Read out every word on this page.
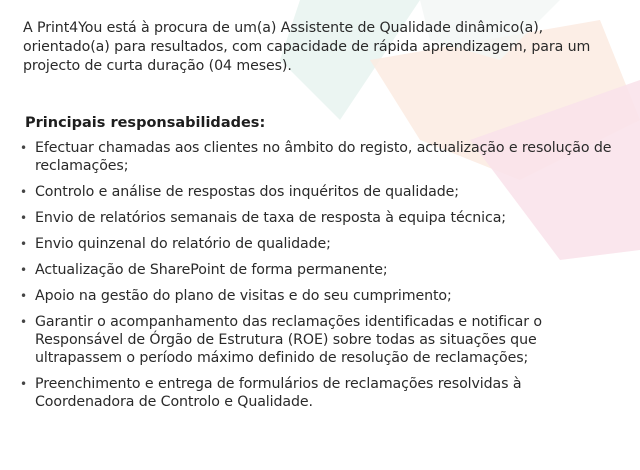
A Print4You está à procura de um(a) Assistente de Qualidade dinâmico(a), orientado(a) para resultados, com capacidade de rápida aprendizagem, para um projecto de curta duração (04 meses).

Principais responsabilidades:
• Efectuar chamadas aos clientes no âmbito do registo, actualização e resolução de reclamações;
• Controlo e análise de respostas dos inquéritos de qualidade;
• Envio de relatórios semanais de taxa de resposta à equipa técnica;
• Envio quinzenal do relatório de qualidade;
• Actualização de SharePoint de forma permanente;
• Apoio na gestão do plano de visitas e do seu cumprimento;
• Garantir o acompanhamento das reclamações identificadas e notificar o Responsável de Órgão de Estrutura (ROE) sobre todas as situações que ultrapassem o período máximo definido de resolução de reclamações;
• Preenchimento e entrega de formulários de reclamações resolvidas à Coordenadora de Controlo e Qualidade.
